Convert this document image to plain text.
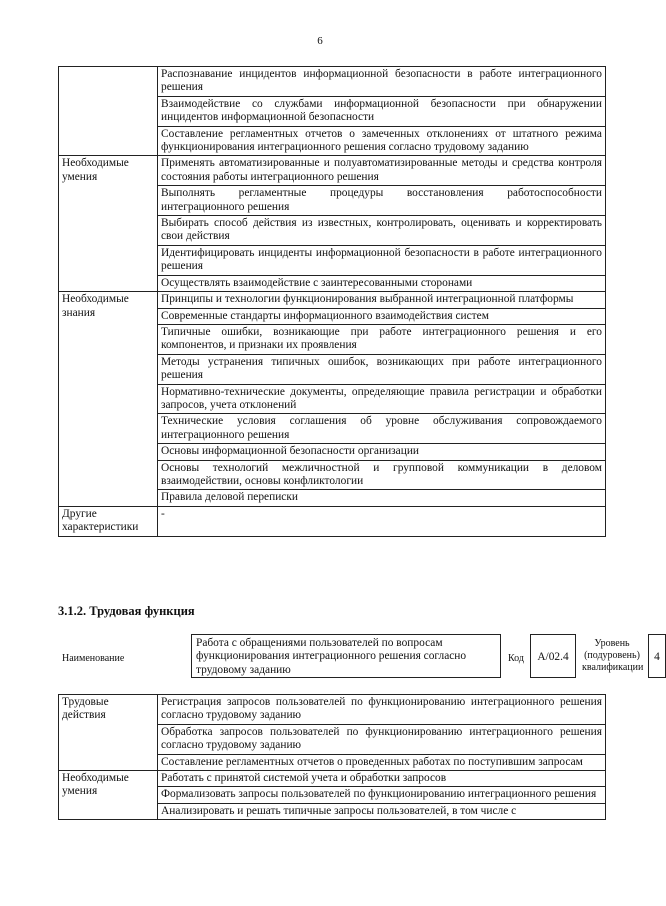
6
	Распознавание инцидентов информационной безопасности в работе интеграционного решения
	Взаимодействие со службами информационной безопасности при обнаружении инцидентов информационной безопасности
	Составление регламентных отчетов о замеченных отклонениях от штатного режима функционирования интеграционного решения согласно трудовому заданию
Необходимые умения	Применять автоматизированные и полуавтоматизированные методы и средства контроля состояния работы интеграционного решения
	Выполнять регламентные процедуры восстановления работоспособности интеграционного решения
	Выбирать способ действия из известных, контролировать, оценивать и корректировать свои действия
	Идентифицировать инциденты информационной безопасности в работе интеграционного решения
	Осуществлять взаимодействие с заинтересованными сторонами
Необходимые знания	Принципы и технологии функционирования выбранной интеграционной платформы
	Современные стандарты информационного взаимодействия систем
	Типичные ошибки, возникающие при работе интеграционного решения и его компонентов, и признаки их проявления
	Методы устранения типичных ошибок, возникающих при работе интеграционного решения
	Нормативно-технические документы, определяющие правила регистрации и обработки запросов, учета отклонений
	Технические условия соглашения об уровне обслуживания сопровождаемого интеграционного решения
	Основы информационной безопасности организации
	Основы технологий межличностной и групповой коммуникации в деловом взаимодействии, основы конфликтологии
	Правила деловой переписки
Другие характеристики	-
3.1.2. Трудовая функция
Наименование
Работа с обращениями пользователей по вопросам функционирования интеграционного решения согласно трудовому заданию
Код	A/02.4
Уровень (подуровень) квалификации
4
Трудовые действия	Регистрация запросов пользователей по функционированию интеграционного решения согласно трудовому заданию
	Обработка запросов пользователей по функционированию интеграционного решения согласно трудовому заданию
	Составление регламентных отчетов о проведенных работах по поступившим запросам
Необходимые умения	Работать с принятой системой учета и обработки запросов
	Формализовать запросы пользователей по функционированию интеграционного решения
	Анализировать и решать типичные запросы пользователей, в том числе с
